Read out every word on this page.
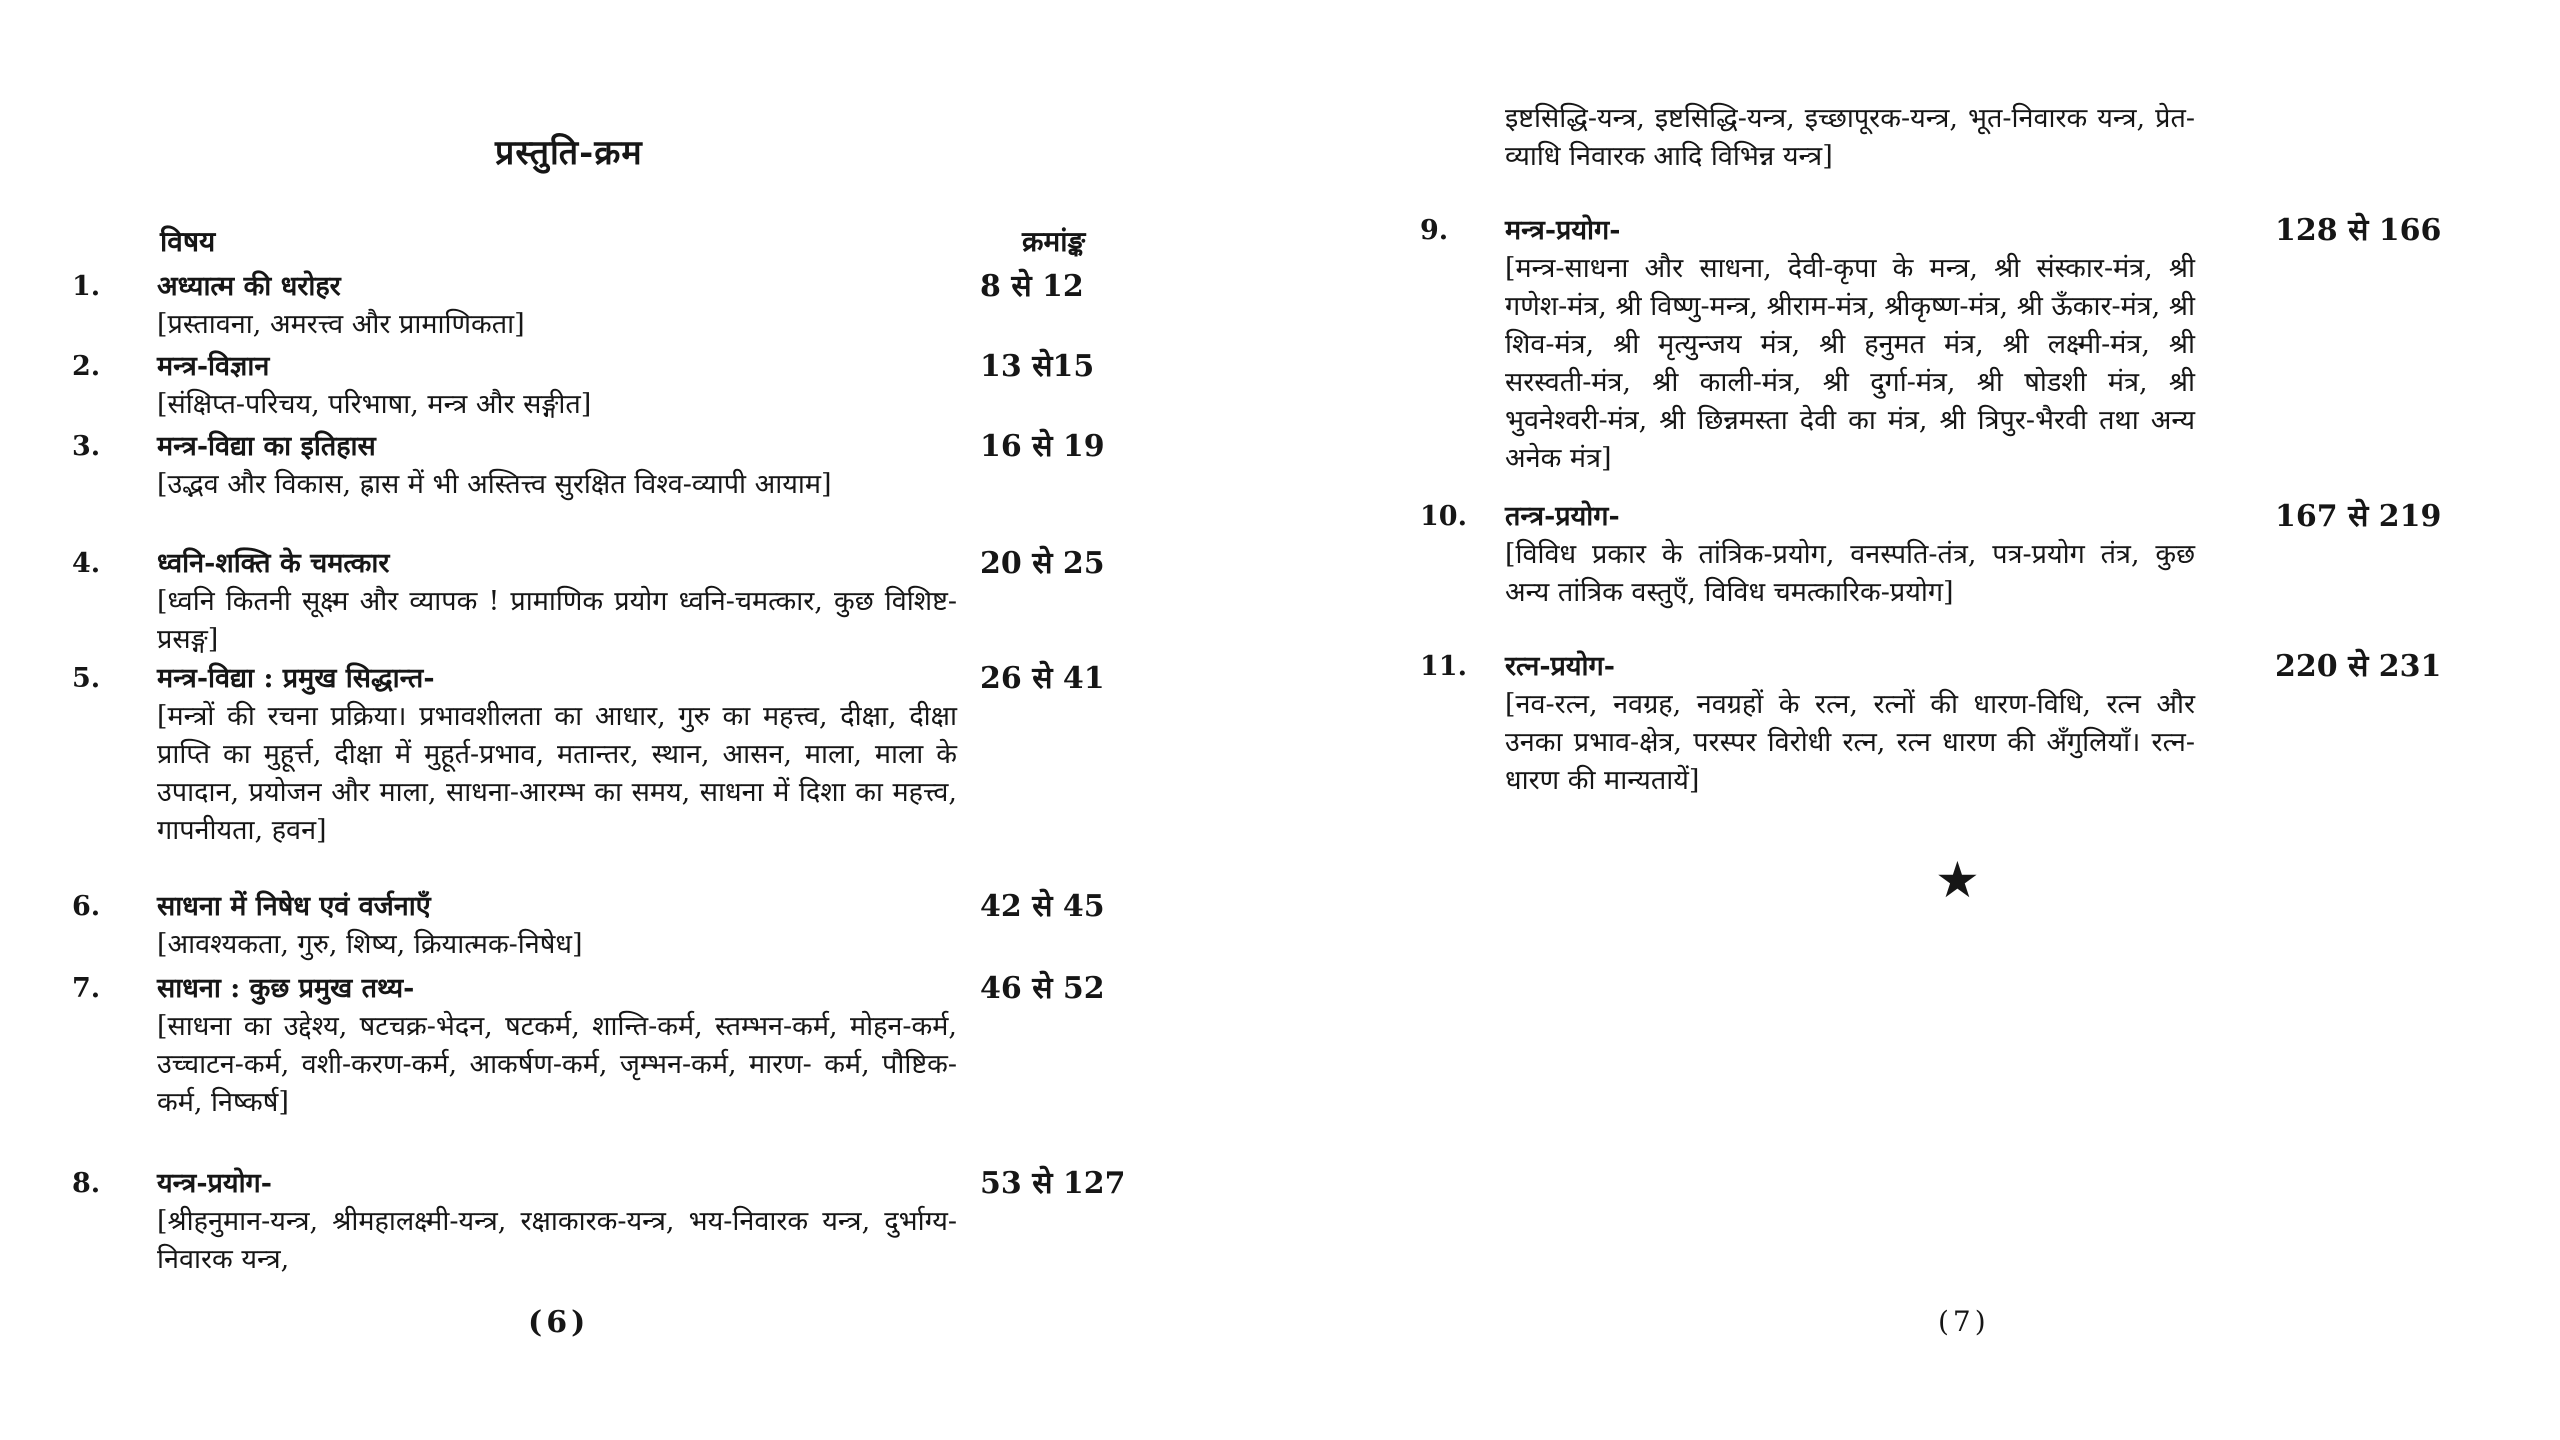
प्रस्तुति-क्रम
विषय	क्रमांङ्क
1. अध्यात्म की धरोहर	8 से 12
[प्रस्तावना, अमरत्त्व और प्रामाणिकता]
2. मन्त्र-विज्ञान	13 से15
[संक्षिप्त-परिचय, परिभाषा, मन्त्र और सङ्गीत]
3. मन्त्र-विद्या का इतिहास	16 से 19
[उद्भव और विकास, ह्रास में भी अस्तित्त्व सुरक्षित विश्व-व्यापी आयाम]
4. ध्वनि-शक्ति के चमत्कार	20 से 25
[ध्वनि कितनी सूक्ष्म और व्यापक ! प्रामाणिक प्रयोग ध्वनि-चमत्कार, कुछ विशिष्ट-प्रसङ्ग]
5. मन्त्र-विद्या : प्रमुख सिद्धान्त-	26 से 41
[मन्त्रों की रचना प्रक्रिया। प्रभावशीलता का आधार, गुरु का महत्त्व, दीक्षा, दीक्षा प्राप्ति का मुहूर्त्त, दीक्षा में मुहूर्त-प्रभाव, मतान्तर, स्थान, आसन, माला, माला के उपादान, प्रयोजन और माला, साधना-आरम्भ का समय, साधना में दिशा का महत्त्व, गापनीयता, हवन]
6. साधना में निषेध एवं वर्जनाएँ	42 से 45
[आवश्यकता, गुरु, शिष्य, क्रियात्मक-निषेध]
7. साधना : कुछ प्रमुख तथ्य-	46 से 52
[साधना का उद्देश्य, षटचक्र-भेदन, षटकर्म, शान्ति-कर्म, स्तम्भन-कर्म, मोहन-कर्म, उच्चाटन-कर्म, वशी-करण-कर्म, आकर्षण-कर्म, जृम्भन-कर्म, मारण- कर्म, पौष्टिक-कर्म, निष्कर्ष]
8. यन्त्र-प्रयोग-	53 से 127
[श्रीहनुमान-यन्त्र, श्रीमहालक्ष्मी-यन्त्र, रक्षाकारक-यन्त्र, भय-निवारक यन्त्र, दुर्भाग्य-निवारक यन्त्र,
(6)
इष्टसिद्धि-यन्त्र, इष्टसिद्धि-यन्त्र, इच्छापूरक-यन्त्र, भूत-निवारक यन्त्र, प्रेत-व्याधि निवारक आदि विभिन्न यन्त्र]
9. मन्त्र-प्रयोग-	128 से 166
[मन्त्र-साधना और साधना, देवी-कृपा के मन्त्र, श्री संस्कार-मंत्र, श्री गणेश-मंत्र, श्री विष्णु-मन्त्र, श्रीराम-मंत्र, श्रीकृष्ण-मंत्र, श्री ऊँकार-मंत्र, श्री शिव-मंत्र, श्री मृत्युन्जय मंत्र, श्री हनुमत मंत्र, श्री लक्ष्मी-मंत्र, श्री सरस्वती-मंत्र, श्री काली-मंत्र, श्री दुर्गा-मंत्र, श्री षोडशी मंत्र, श्री भुवनेश्वरी-मंत्र, श्री छिन्नमस्ता देवी का मंत्र, श्री त्रिपुर-भैरवी तथा अन्य अनेक मंत्र]
10. तन्त्र-प्रयोग-	167 से 219
[विविध प्रकार के तांत्रिक-प्रयोग, वनस्पति-तंत्र, पत्र-प्रयोग तंत्र, कुछ अन्य तांत्रिक वस्तुएँ, विविध चमत्कारिक-प्रयोग]
11. रत्न-प्रयोग-	220 से 231
[नव-रत्न, नवग्रह, नवग्रहों के रत्न, रत्नों की धारण-विधि, रत्न और उनका प्रभाव-क्षेत्र, परस्पर विरोधी रत्न, रत्न धारण की अँगुलियाँ। रत्न-धारण की मान्यतायें]
★
(7)
